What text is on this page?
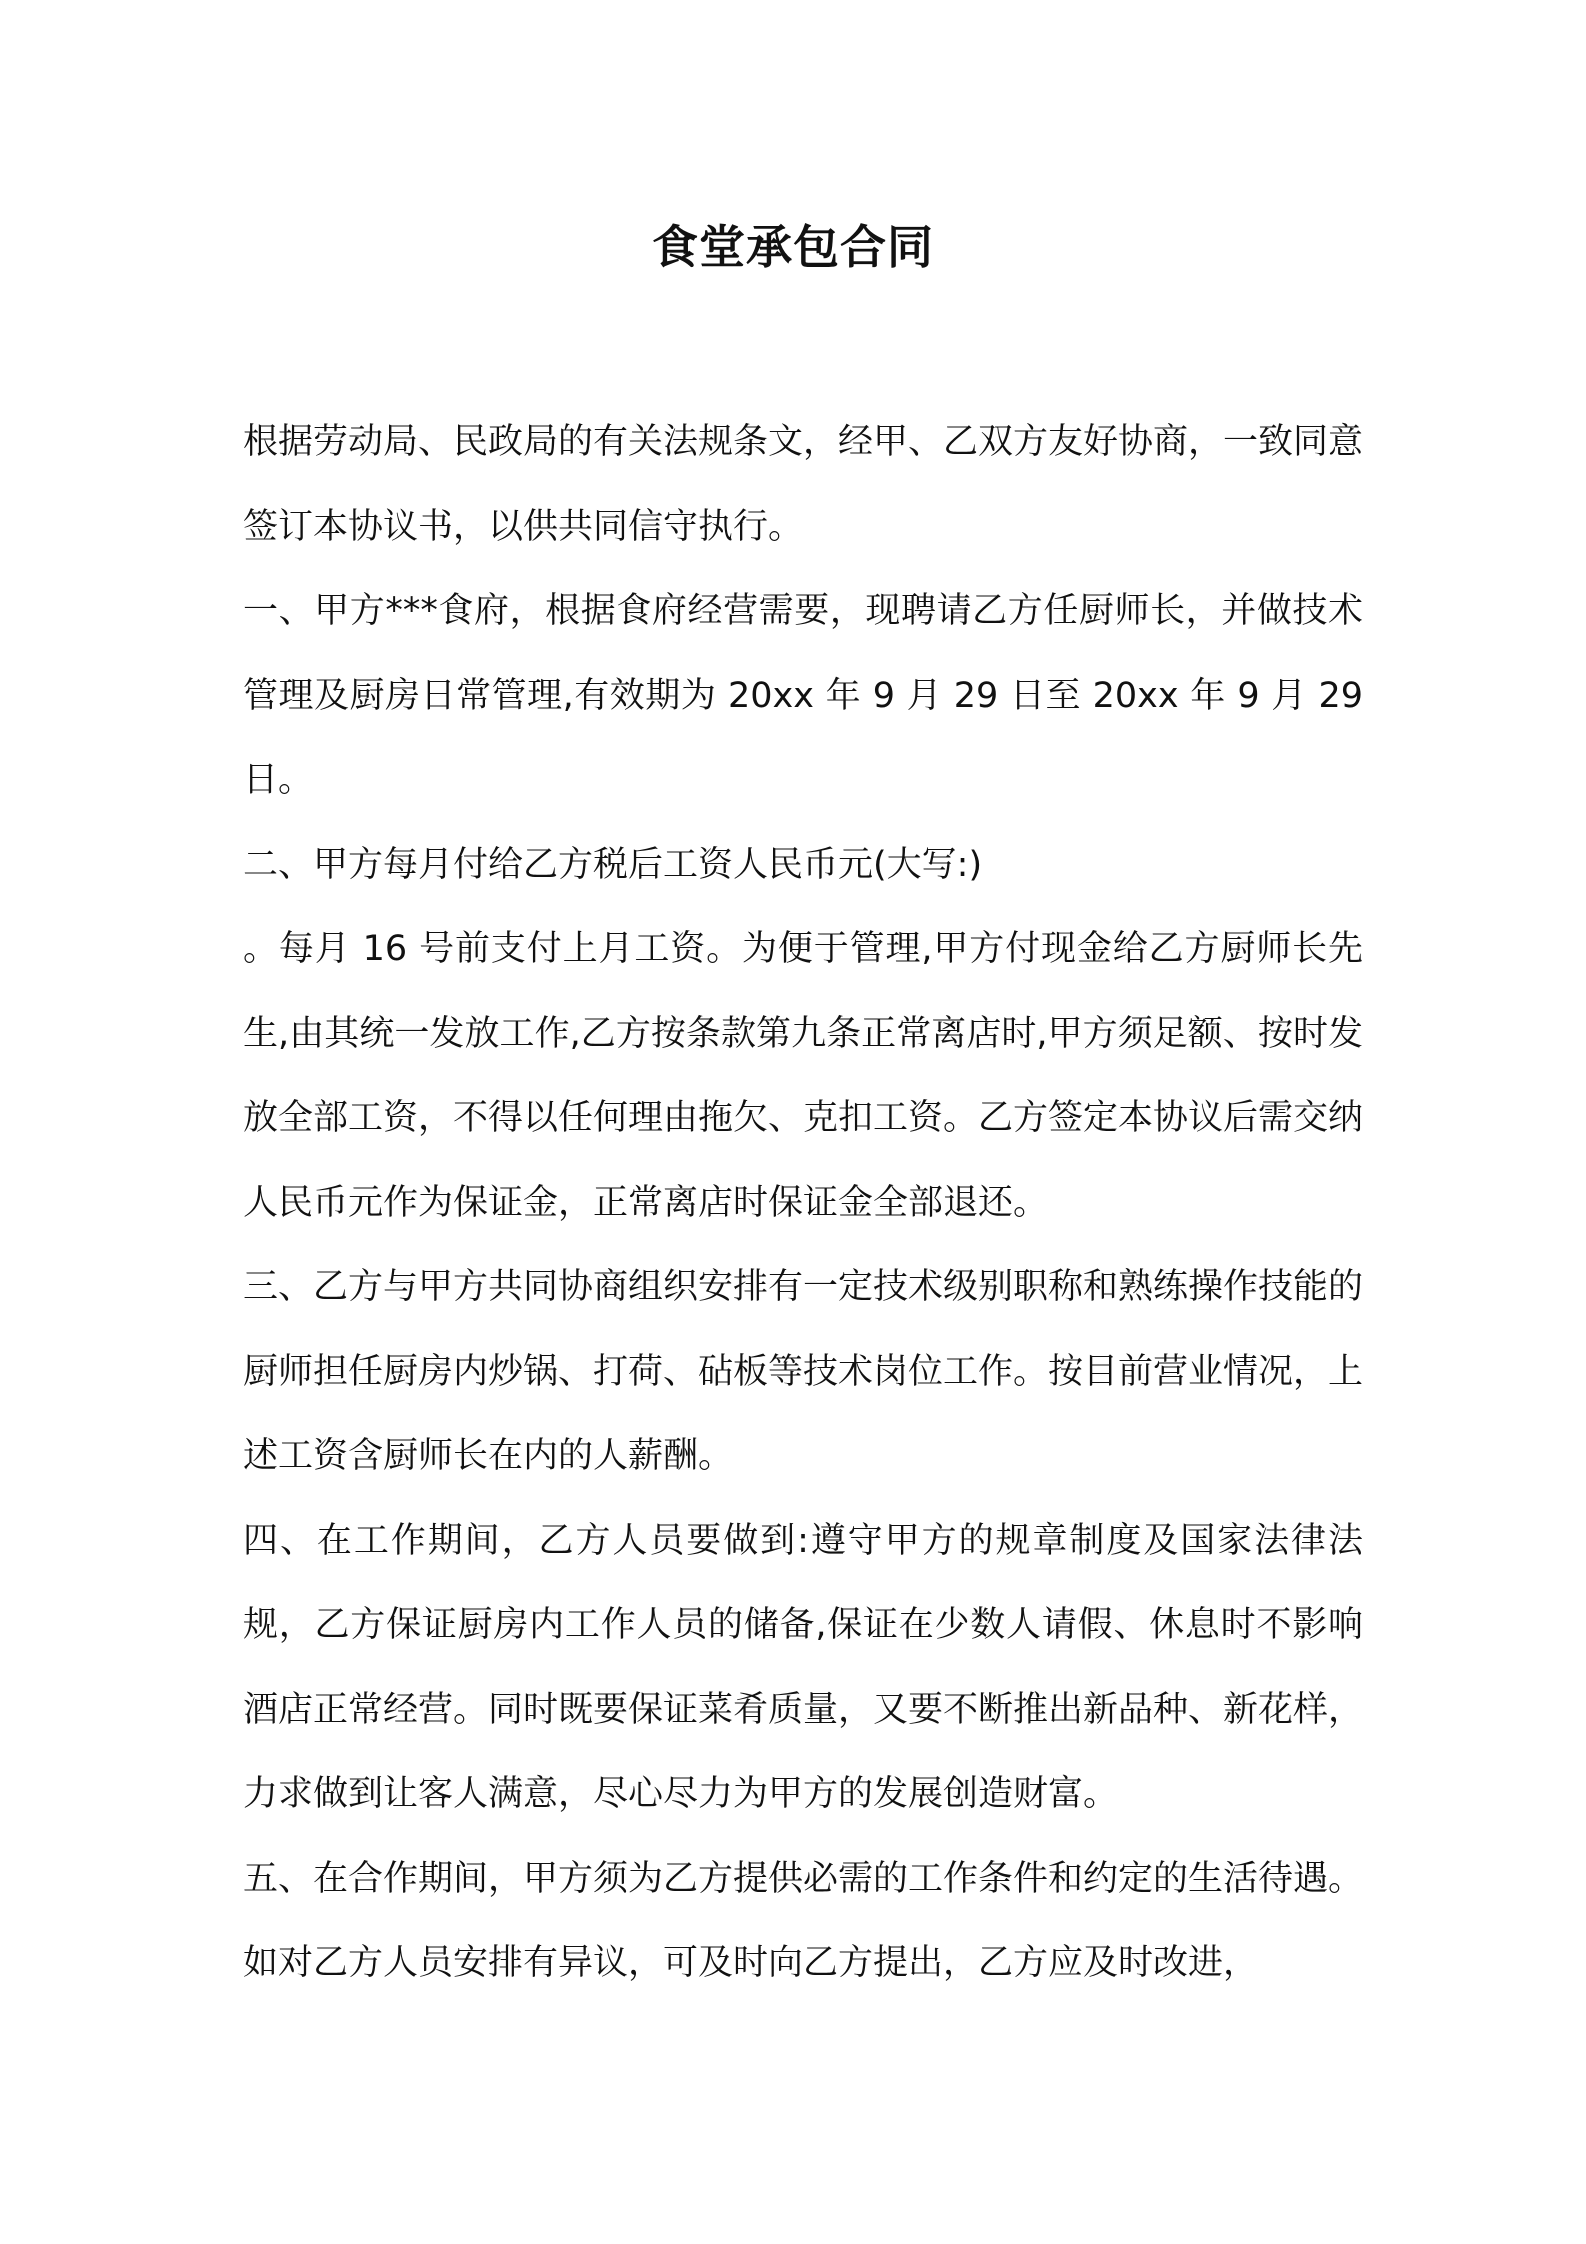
食堂承包合同

根据劳动局、民政局的有关法规条文，经甲、乙双方友好协商，一致同意签订本协议书，以供共同信守执行。

一、甲方***食府，根据食府经营需要，现聘请乙方任厨师长，并做技术管理及厨房日常管理,有效期为 20xx 年 9 月 29 日至 20xx 年 9 月 29 日。

二、甲方每月付给乙方税后工资人民币元(大写:)

。每月 16 号前支付上月工资。为便于管理,甲方付现金给乙方厨师长先生,由其统一发放工作,乙方按条款第九条正常离店时,甲方须足额、按时发放全部工资，不得以任何理由拖欠、克扣工资。乙方签定本协议后需交纳人民币元作为保证金，正常离店时保证金全部退还。

三、乙方与甲方共同协商组织安排有一定技术级别职称和熟练操作技能的厨师担任厨房内炒锅、打荷、砧板等技术岗位工作。按目前营业情况，上述工资含厨师长在内的人薪酬。

四、在工作期间，乙方人员要做到:遵守甲方的规章制度及国家法律法规，乙方保证厨房内工作人员的储备,保证在少数人请假、休息时不影响酒店正常经营。同时既要保证菜肴质量，又要不断推出新品种、新花样，力求做到让客人满意，尽心尽力为甲方的发展创造财富。

五、在合作期间，甲方须为乙方提供必需的工作条件和约定的生活待遇。如对乙方人员安排有异议，可及时向乙方提出，乙方应及时改进，
